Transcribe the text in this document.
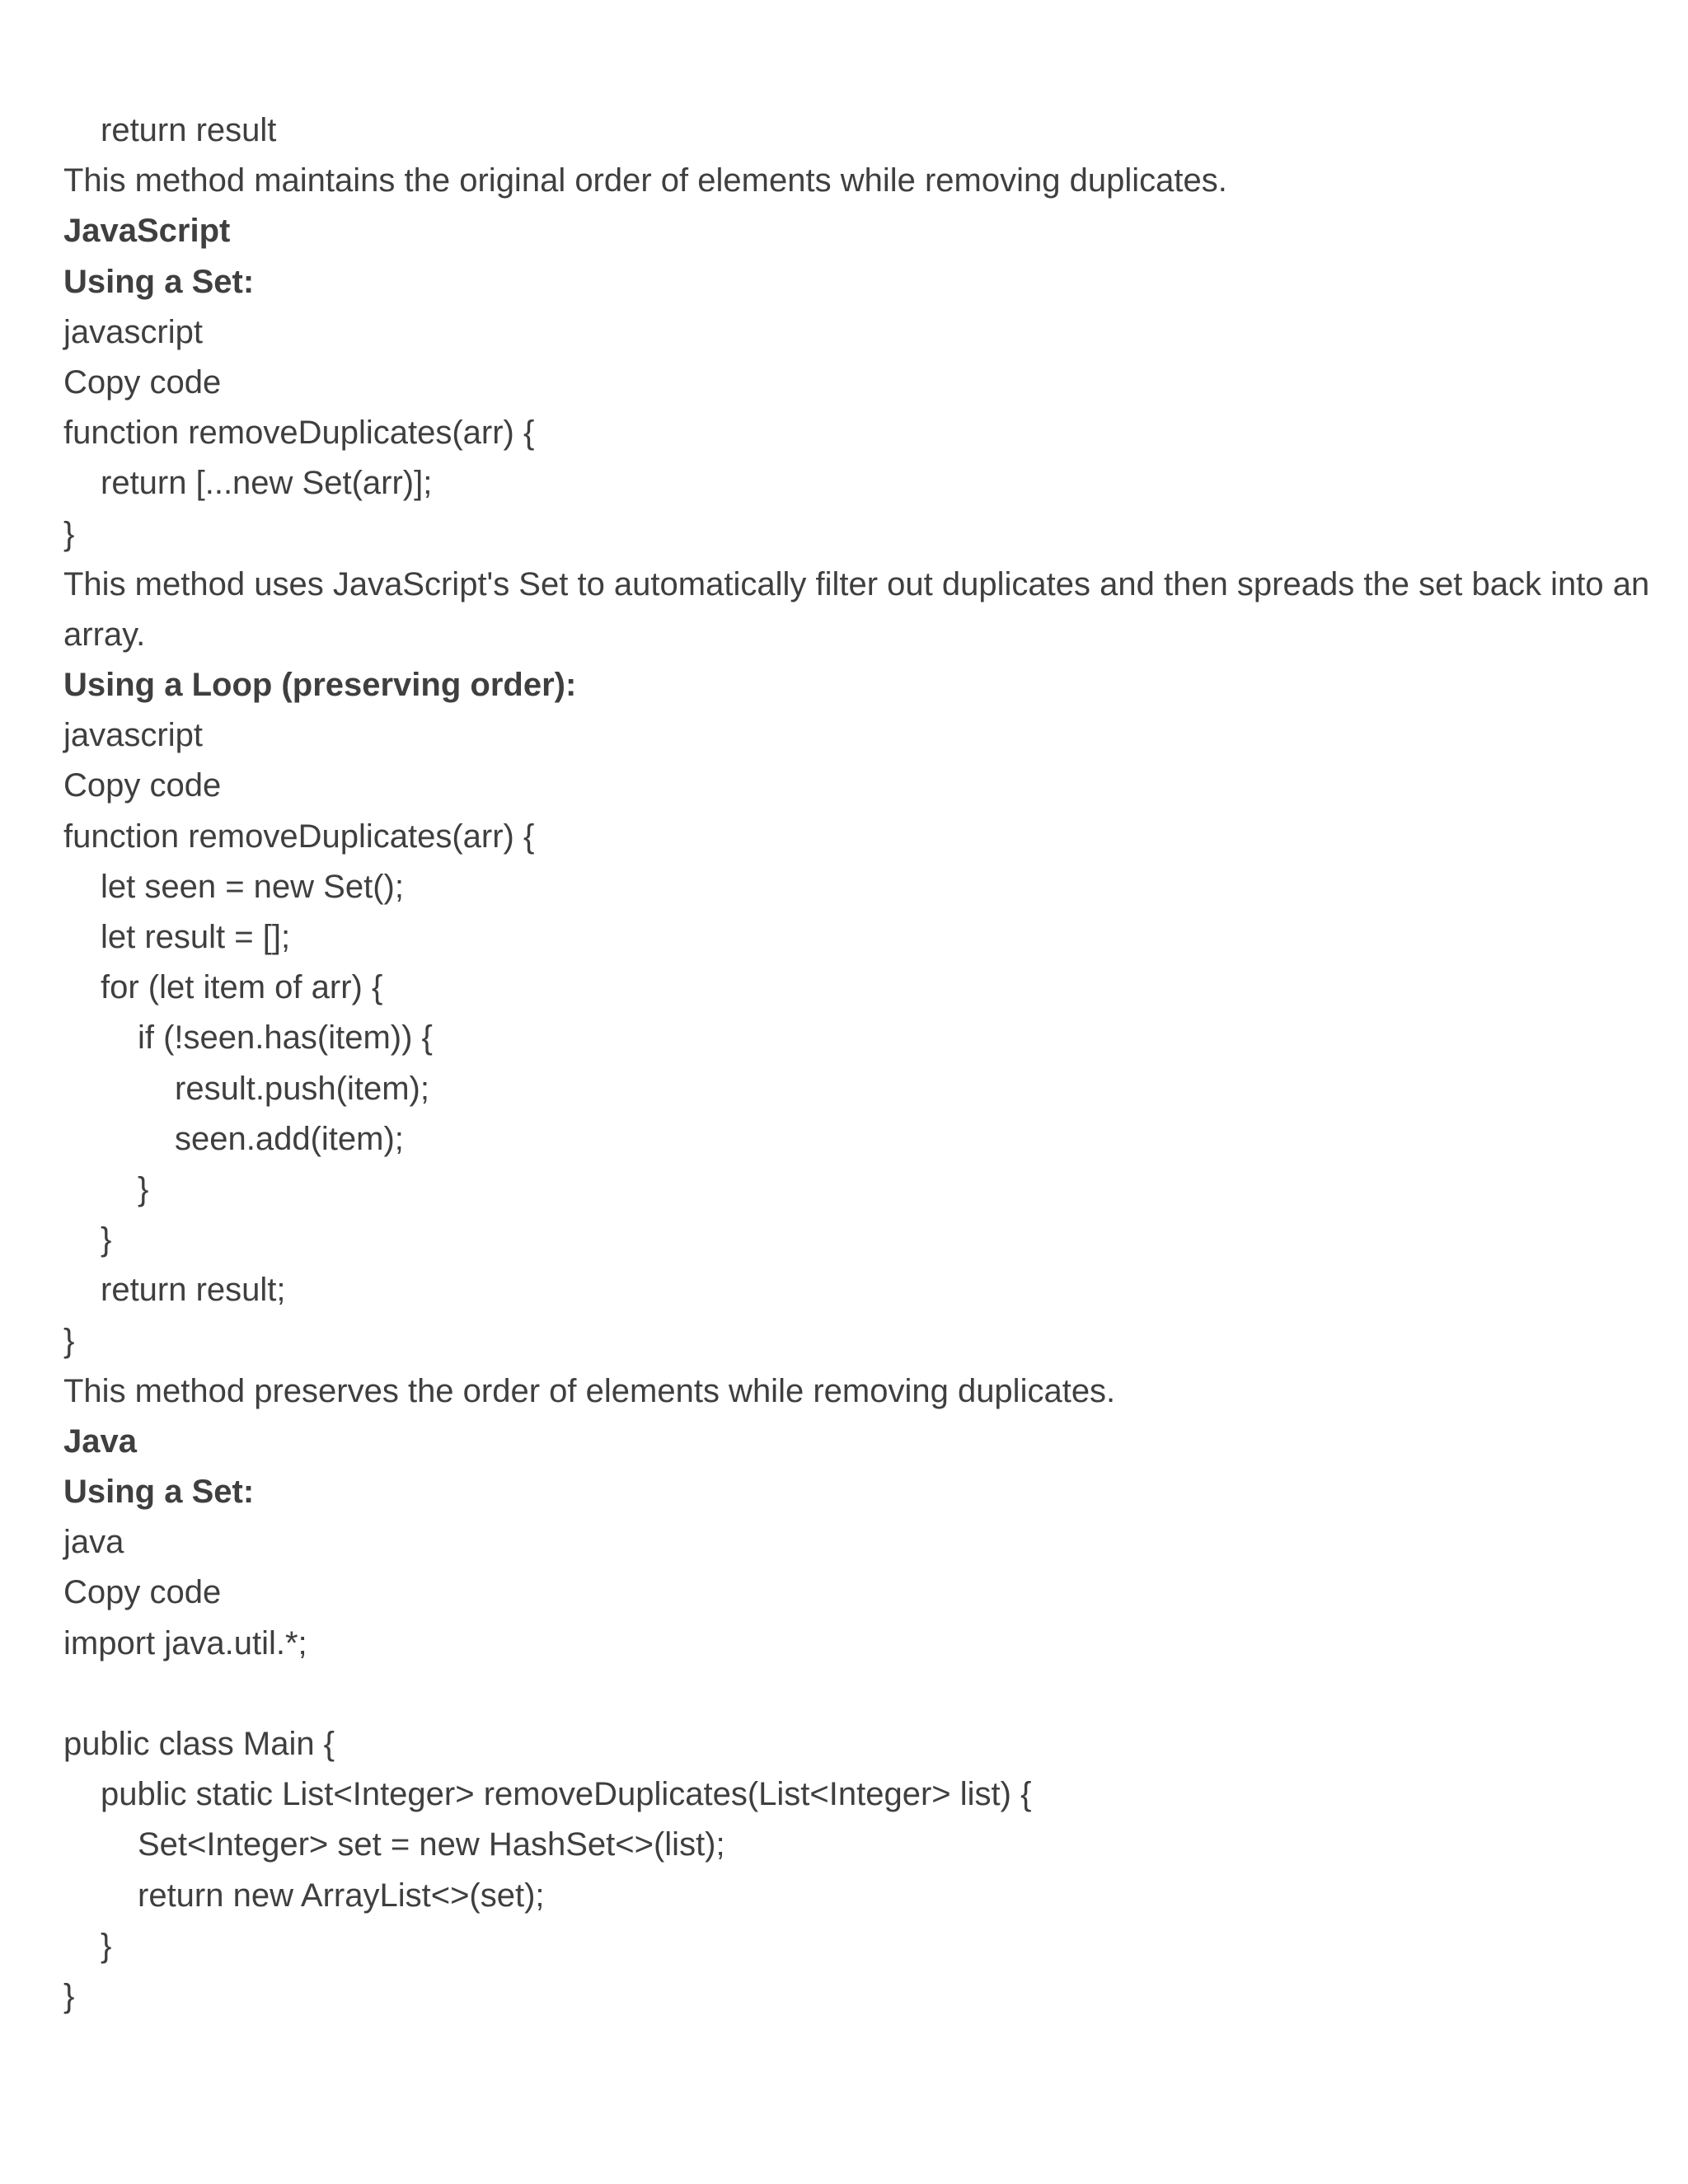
return result
This method maintains the original order of elements while removing duplicates.
JavaScript
Using a Set:
javascript
Copy code
function removeDuplicates(arr) {
return [...new Set(arr)];
}
This method uses JavaScript's Set to automatically filter out duplicates and then spreads the set back into an array.
Using a Loop (preserving order):
javascript
Copy code
function removeDuplicates(arr) {
let seen = new Set();
let result = [];
for (let item of arr) {
if (!seen.has(item)) {
result.push(item);
seen.add(item);
}
}
return result;
}
This method preserves the order of elements while removing duplicates.
Java
Using a Set:
java
Copy code
import java.util.*;
public class Main {
public static List<Integer> removeDuplicates(List<Integer> list) {
Set<Integer> set = new HashSet<>(list);
return new ArrayList<>(set);
}
}
